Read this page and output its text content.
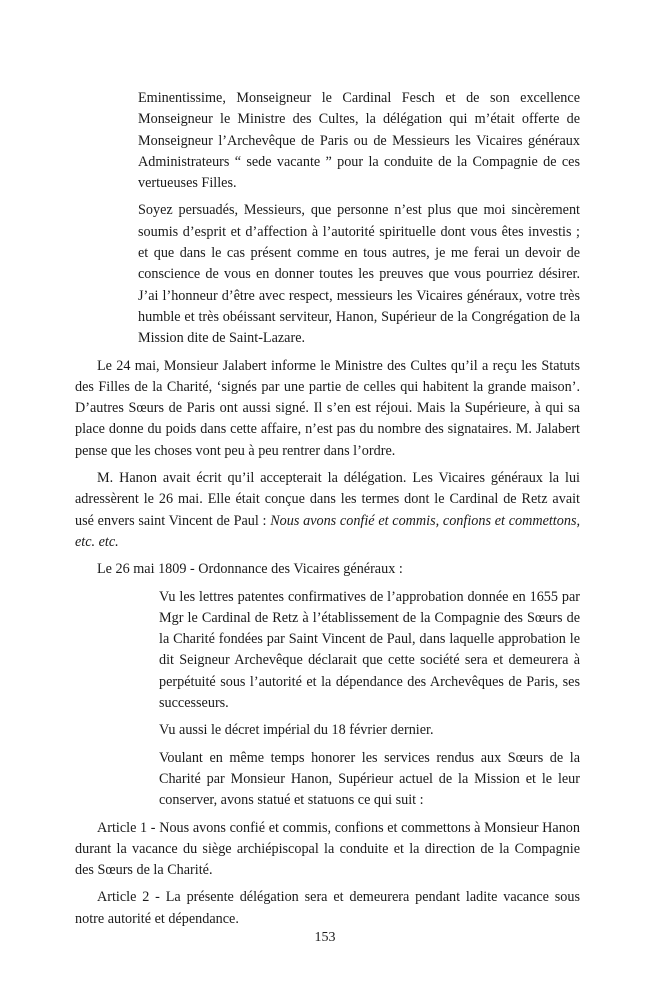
Eminentissime, Monseigneur le Cardinal Fesch et de son excellence Monseigneur le Ministre des Cultes, la délégation qui m’était offerte de Monseigneur l’Archevêque de Paris ou de Messieurs les Vicaires généraux Administrateurs “ sede vacante ” pour la conduite de la Compagnie de ces vertueuses Filles.

Soyez persuadés, Messieurs, que personne n’est plus que moi sincèrement soumis d’esprit et d’affection à l’autorité spirituelle dont vous êtes investis ; et que dans le cas présent comme en tous autres, je me ferai un devoir de conscience de vous en donner toutes les preuves que vous pourriez désirer. J’ai l’honneur d’être avec respect, messieurs les Vicaires généraux, votre très humble et très obéissant serviteur, Hanon, Supérieur de la Congrégation de la Mission dite de Saint-Lazare.

Le 24 mai, Monsieur Jalabert informe le Ministre des Cultes qu’il a reçu les Statuts des Filles de la Charité, ‘signés par une partie de celles qui habitent la grande maison’. D’autres Sœurs de Paris ont aussi signé. Il s’en est réjoui. Mais la Supérieure, à qui sa place donne du poids dans cette affaire, n’est pas du nombre des signataires. M. Jalabert pense que les choses vont peu à peu rentrer dans l’ordre.

M. Hanon avait écrit qu’il accepterait la délégation. Les Vicaires généraux la lui adressèrent le 26 mai. Elle était conçue dans les termes dont le Cardinal de Retz avait usé envers saint Vincent de Paul : Nous avons confié et commis, confions et commettons, etc. etc.

Le 26 mai 1809 - Ordonnance des Vicaires généraux :

Vu les lettres patentes confirmatives de l’approbation donnée en 1655 par Mgr le Cardinal de Retz à l’établissement de la Compagnie des Sœurs de la Charité fondées par Saint Vincent de Paul, dans laquelle approbation le dit Seigneur Archevêque déclarait que cette société sera et demeurera à perpétuité sous l’autorité et la dépendance des Archevêques de Paris, ses successeurs.

Vu aussi le décret impérial du 18 février dernier.

Voulant en même temps honorer les services rendus aux Sœurs de la Charité par Monsieur Hanon, Supérieur actuel de la Mission et le leur conserver, avons statué et statuons ce qui suit :

Article 1 - Nous avons confié et commis, confions et commettons à Monsieur Hanon durant la vacance du siège archiépiscopal la conduite et la direction de la Compagnie des Sœurs de la Charité.

Article 2 - La présente délégation sera et demeurera pendant ladite vacance sous notre autorité et dépendance.

153
